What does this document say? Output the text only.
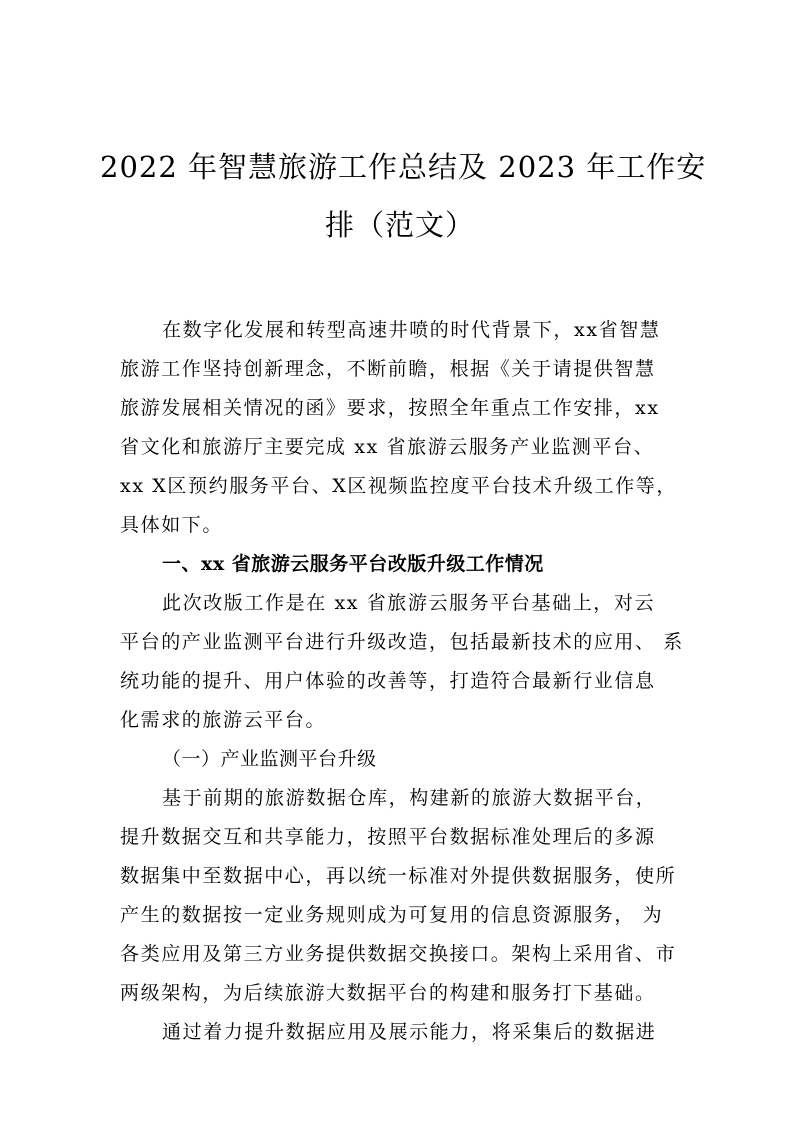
2022 年智慧旅游工作总结及 2023 年工作安
排（范文）
在数字化发展和转型高速井喷的时代背景下，xx省智慧
旅游工作坚持创新理念，不断前瞻，根据《关于请提供智慧
旅游发展相关情况的函》要求，按照全年重点工作安排，xx
省文化和旅游厅主要完成 xx 省旅游云服务产业监测平台、
xx X区预约服务平台、X区视频监控度平台技术升级工作等，
具体如下。
一、xx 省旅游云服务平台改版升级工作情况
此次改版工作是在 xx 省旅游云服务平台基础上，对云
平台的产业监测平台进行升级改造，包括最新技术的应用、 系
统功能的提升、用户体验的改善等，打造符合最新行业信息
化需求的旅游云平台。
（一）产业监测平台升级
基于前期的旅游数据仓库，构建新的旅游大数据平台，
提升数据交互和共享能力，按照平台数据标准处理后的多源
数据集中至数据中心，再以统一标准对外提供数据服务，使所
产生的数据按一定业务规则成为可复用的信息资源服务， 为
各类应用及第三方业务提供数据交换接口。架构上采用省、市
两级架构，为后续旅游大数据平台的构建和服务打下基础。
通过着力提升数据应用及展示能力，将采集后的数据进
